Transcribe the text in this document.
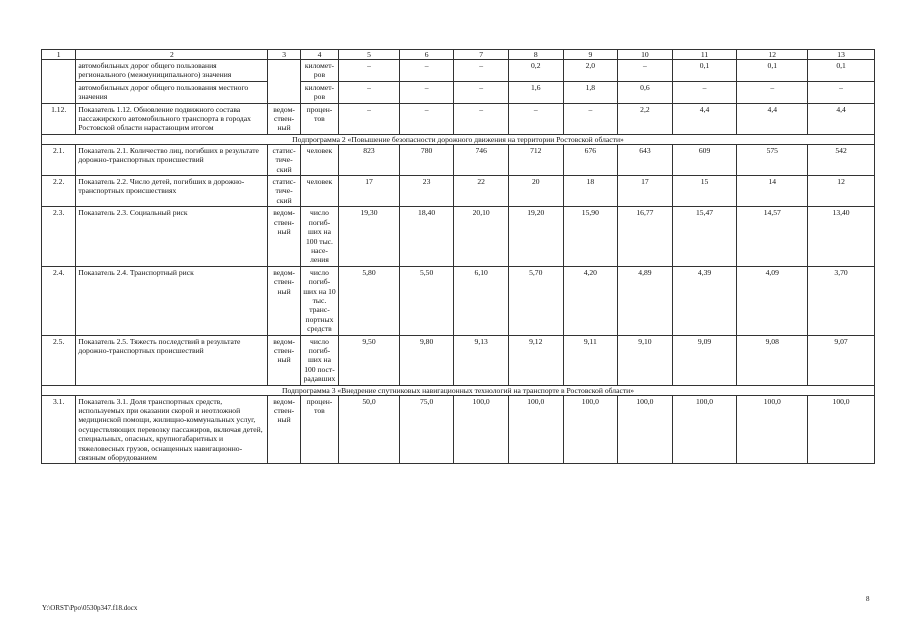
1	2	3	4	5	6	7	8	9	10	11	12	13
	автомобильных дорог общего пользования регионального (межмуниципального) значения		километ-ров	–	–	–	0,2	2,0	–	0,1	0,1	0,1
	автомобильных дорог общего пользования местного значения		километ-ров	–	–	–	1,6	1,8	0,6	–	–	–
1.12.	Показатель 1.12. Обновление подвижного состава пассажирского автомобильного транспорта в городах Ростовской области нарастающим итогом	ведом-ствен-ный	процен-тов	–	–	–	–	–	2,2	4,4	4,4	4,4
Подпрограмма 2 «Повышение безопасности дорожного движения на территории Ростовской области»												
2.1.	Показатель 2.1. Количество лиц, погибших в результате дорожно-транспортных происшествий	статис-тиче-ский	человек	823	780	746	712	676	643	609	575	542
2.2.	Показатель 2.2. Число детей, погибших в дорожно-транспортных происшествиях	статис-тиче-ский	человек	17	23	22	20	18	17	15	14	12
2.3.	Показатель 2.3. Социальный риск	ведом-ствен-ный	число погиб-ших на 100 тыс. насе-ления	19,30	18,40	20,10	19,20	15,90	16,77	15,47	14,57	13,40
2.4.	Показатель 2.4. Транспортный риск	ведом-ствен-ный	число погиб-ших на 10 тыс. транс-портных средств	5,80	5,50	6,10	5,70	4,20	4,89	4,39	4,09	3,70
2.5.	Показатель 2.5. Тяжесть последствий в результате дорожно-транспортных происшествий	ведом-ствен-ный	число погиб-ших на 100 пост-радавших	9,50	9,80	9,13	9,12	9,11	9,10	9,09	9,08	9,07
Подпрограмма 3 «Внедрение спутниковых навигационных технологий на транспорте в Ростовской области»												
3.1.	Показатель 3.1. Доля транспортных средств, используемых при оказании скорой и неотложной медицинской помощи, жилищно-коммунальных услуг, осуществляющих перевозку пассажиров, включая детей, специальных, опасных, крупногабаритных и тяжеловесных грузов, оснащенных навигационно-связным оборудованием	ведом-ствен-ный	процен-тов	50,0	75,0	100,0	100,0	100,0	100,0	100,0	100,0	100,0
Y:\ORST\Ppo\0530p347.f18.docx
8
